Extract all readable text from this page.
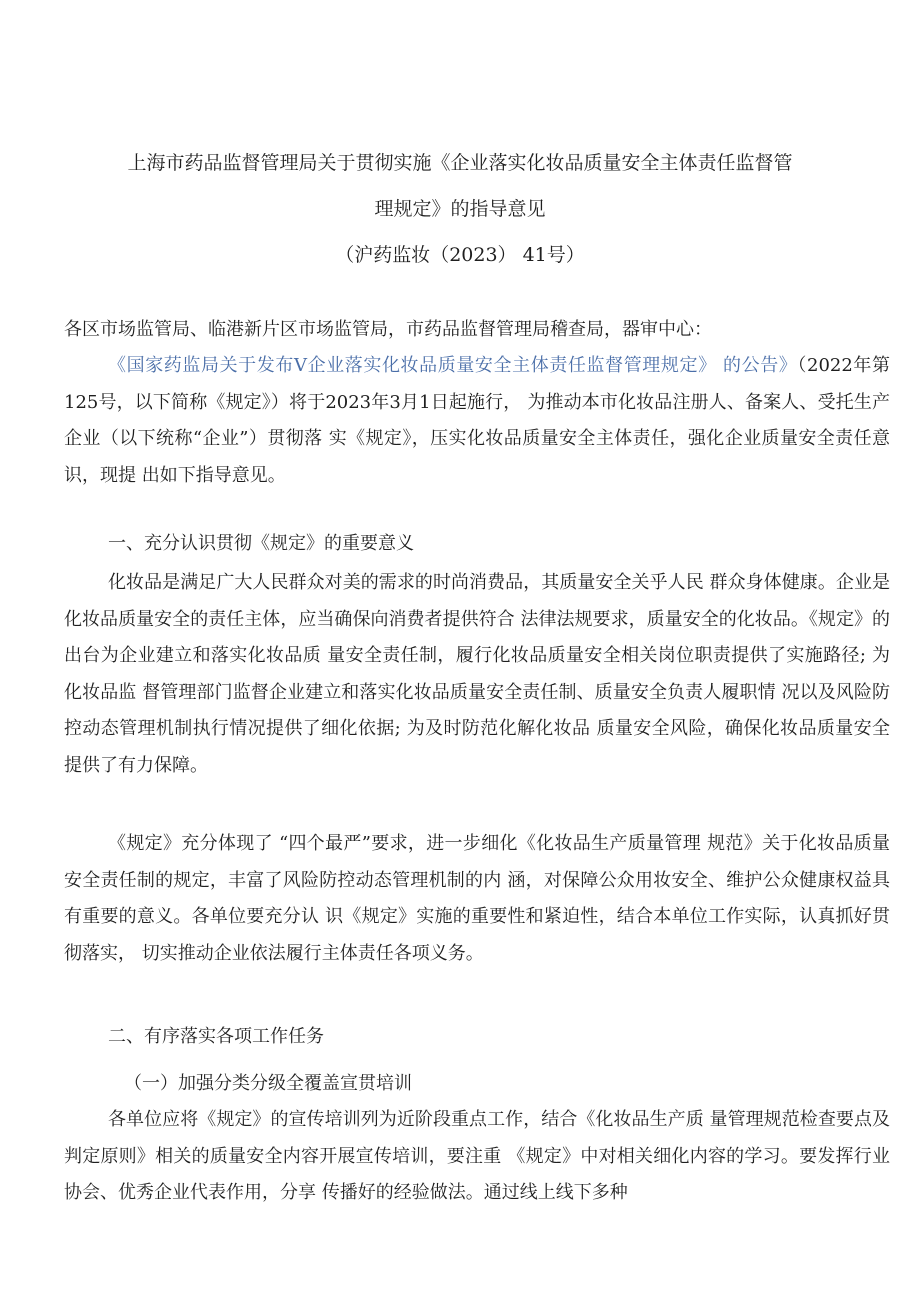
上海市药品监督管理局关于贯彻实施《企业落实化妆品质量安全主体责任监督管
理规定》的指导意见
（沪药监妆（2023） 41号）
各区市场监管局、临港新片区市场监管局，市药品监督管理局稽查局，器审中心：

《国家药监局关于发布V企业落实化妆品质量安全主体责任监督管理规定》 的公告》（2022年第125号，以下简称《规定》）将于2023年3月1日起施行， 为推动本市化妆品注册人、备案人、受托生产企业（以下统称“企业”）贯彻落 实《规定》，压实化妆品质量安全主体责任，强化企业质量安全责任意识，现提 出如下指导意见。

一、充分认识贯彻《规定》的重要意义

化妆品是满足广大人民群众对美的需求的时尚消费品，其质量安全关乎人民 群众身体健康。企业是化妆品质量安全的责任主体，应当确保向消费者提供符合 法律法规要求，质量安全的化妆品。《规定》的出台为企业建立和落实化妆品质 量安全责任制，履行化妆品质量安全相关岗位职责提供了实施路径; 为化妆品监 督管理部门监督企业建立和落实化妆品质量安全责任制、质量安全负责人履职情 况以及风险防控动态管理机制执行情况提供了细化依据; 为及时防范化解化妆品 质量安全风险，确保化妆品质量安全提供了有力保障。

《规定》充分体现了 “四个最严”要求，进一步细化《化妆品生产质量管理 规范》关于化妆品质量安全责任制的规定，丰富了风险防控动态管理机制的内 涵，对保障公众用妆安全、维护公众健康权益具有重要的意义。各单位要充分认 识《规定》实施的重要性和紧迫性，结合本单位工作实际，认真抓好贯彻落实， 切实推动企业依法履行主体责任各项义务。

二、有序落实各项工作任务
（一）加强分类分级全覆盖宣贯培训

各单位应将《规定》的宣传培训列为近阶段重点工作，结合《化妆品生产质 量管理规范检查要点及判定原则》相关的质量安全内容开展宣传培训，要注重 《规定》中对相关细化内容的学习。要发挥行业协会、优秀企业代表作用，分享 传播好的经验做法。通过线上线下多种
